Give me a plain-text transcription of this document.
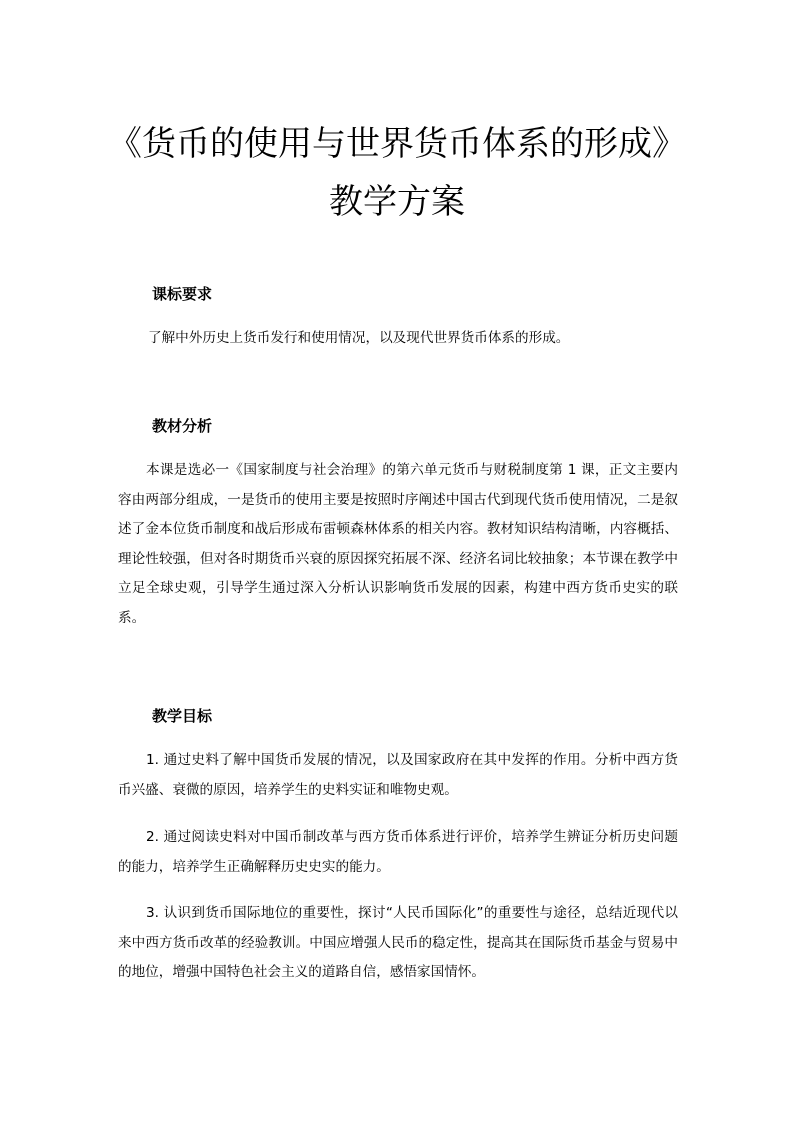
《货币的使用与世界货币体系的形成》
教学方案
课标要求
了解中外历史上货币发行和使用情况，以及现代世界货币体系的形成。
教材分析
本课是选必一《国家制度与社会治理》的第六单元货币与财税制度第 1 课，正文主要内容由两部分组成，一是货币的使用主要是按照时序阐述中国古代到现代货币使用情况，二是叙述了金本位货币制度和战后形成布雷顿森林体系的相关内容。教材知识结构清晰，内容概括、理论性较强，但对各时期货币兴衰的原因探究拓展不深、经济名词比较抽象；本节课在教学中立足全球史观，引导学生通过深入分析认识影响货币发展的因素，构建中西方货币史实的联系。
教学目标
1. 通过史料了解中国货币发展的情况，以及国家政府在其中发挥的作用。分析中西方货币兴盛、衰微的原因，培养学生的史料实证和唯物史观。
2. 通过阅读史料对中国币制改革与西方货币体系进行评价，培养学生辨证分析历史问题的能力，培养学生正确解释历史史实的能力。
3. 认识到货币国际地位的重要性，探讨“人民币国际化”的重要性与途径，总结近现代以来中西方货币改革的经验教训。中国应增强人民币的稳定性，提高其在国际货币基金与贸易中的地位，增强中国特色社会主义的道路自信，感悟家国情怀。
